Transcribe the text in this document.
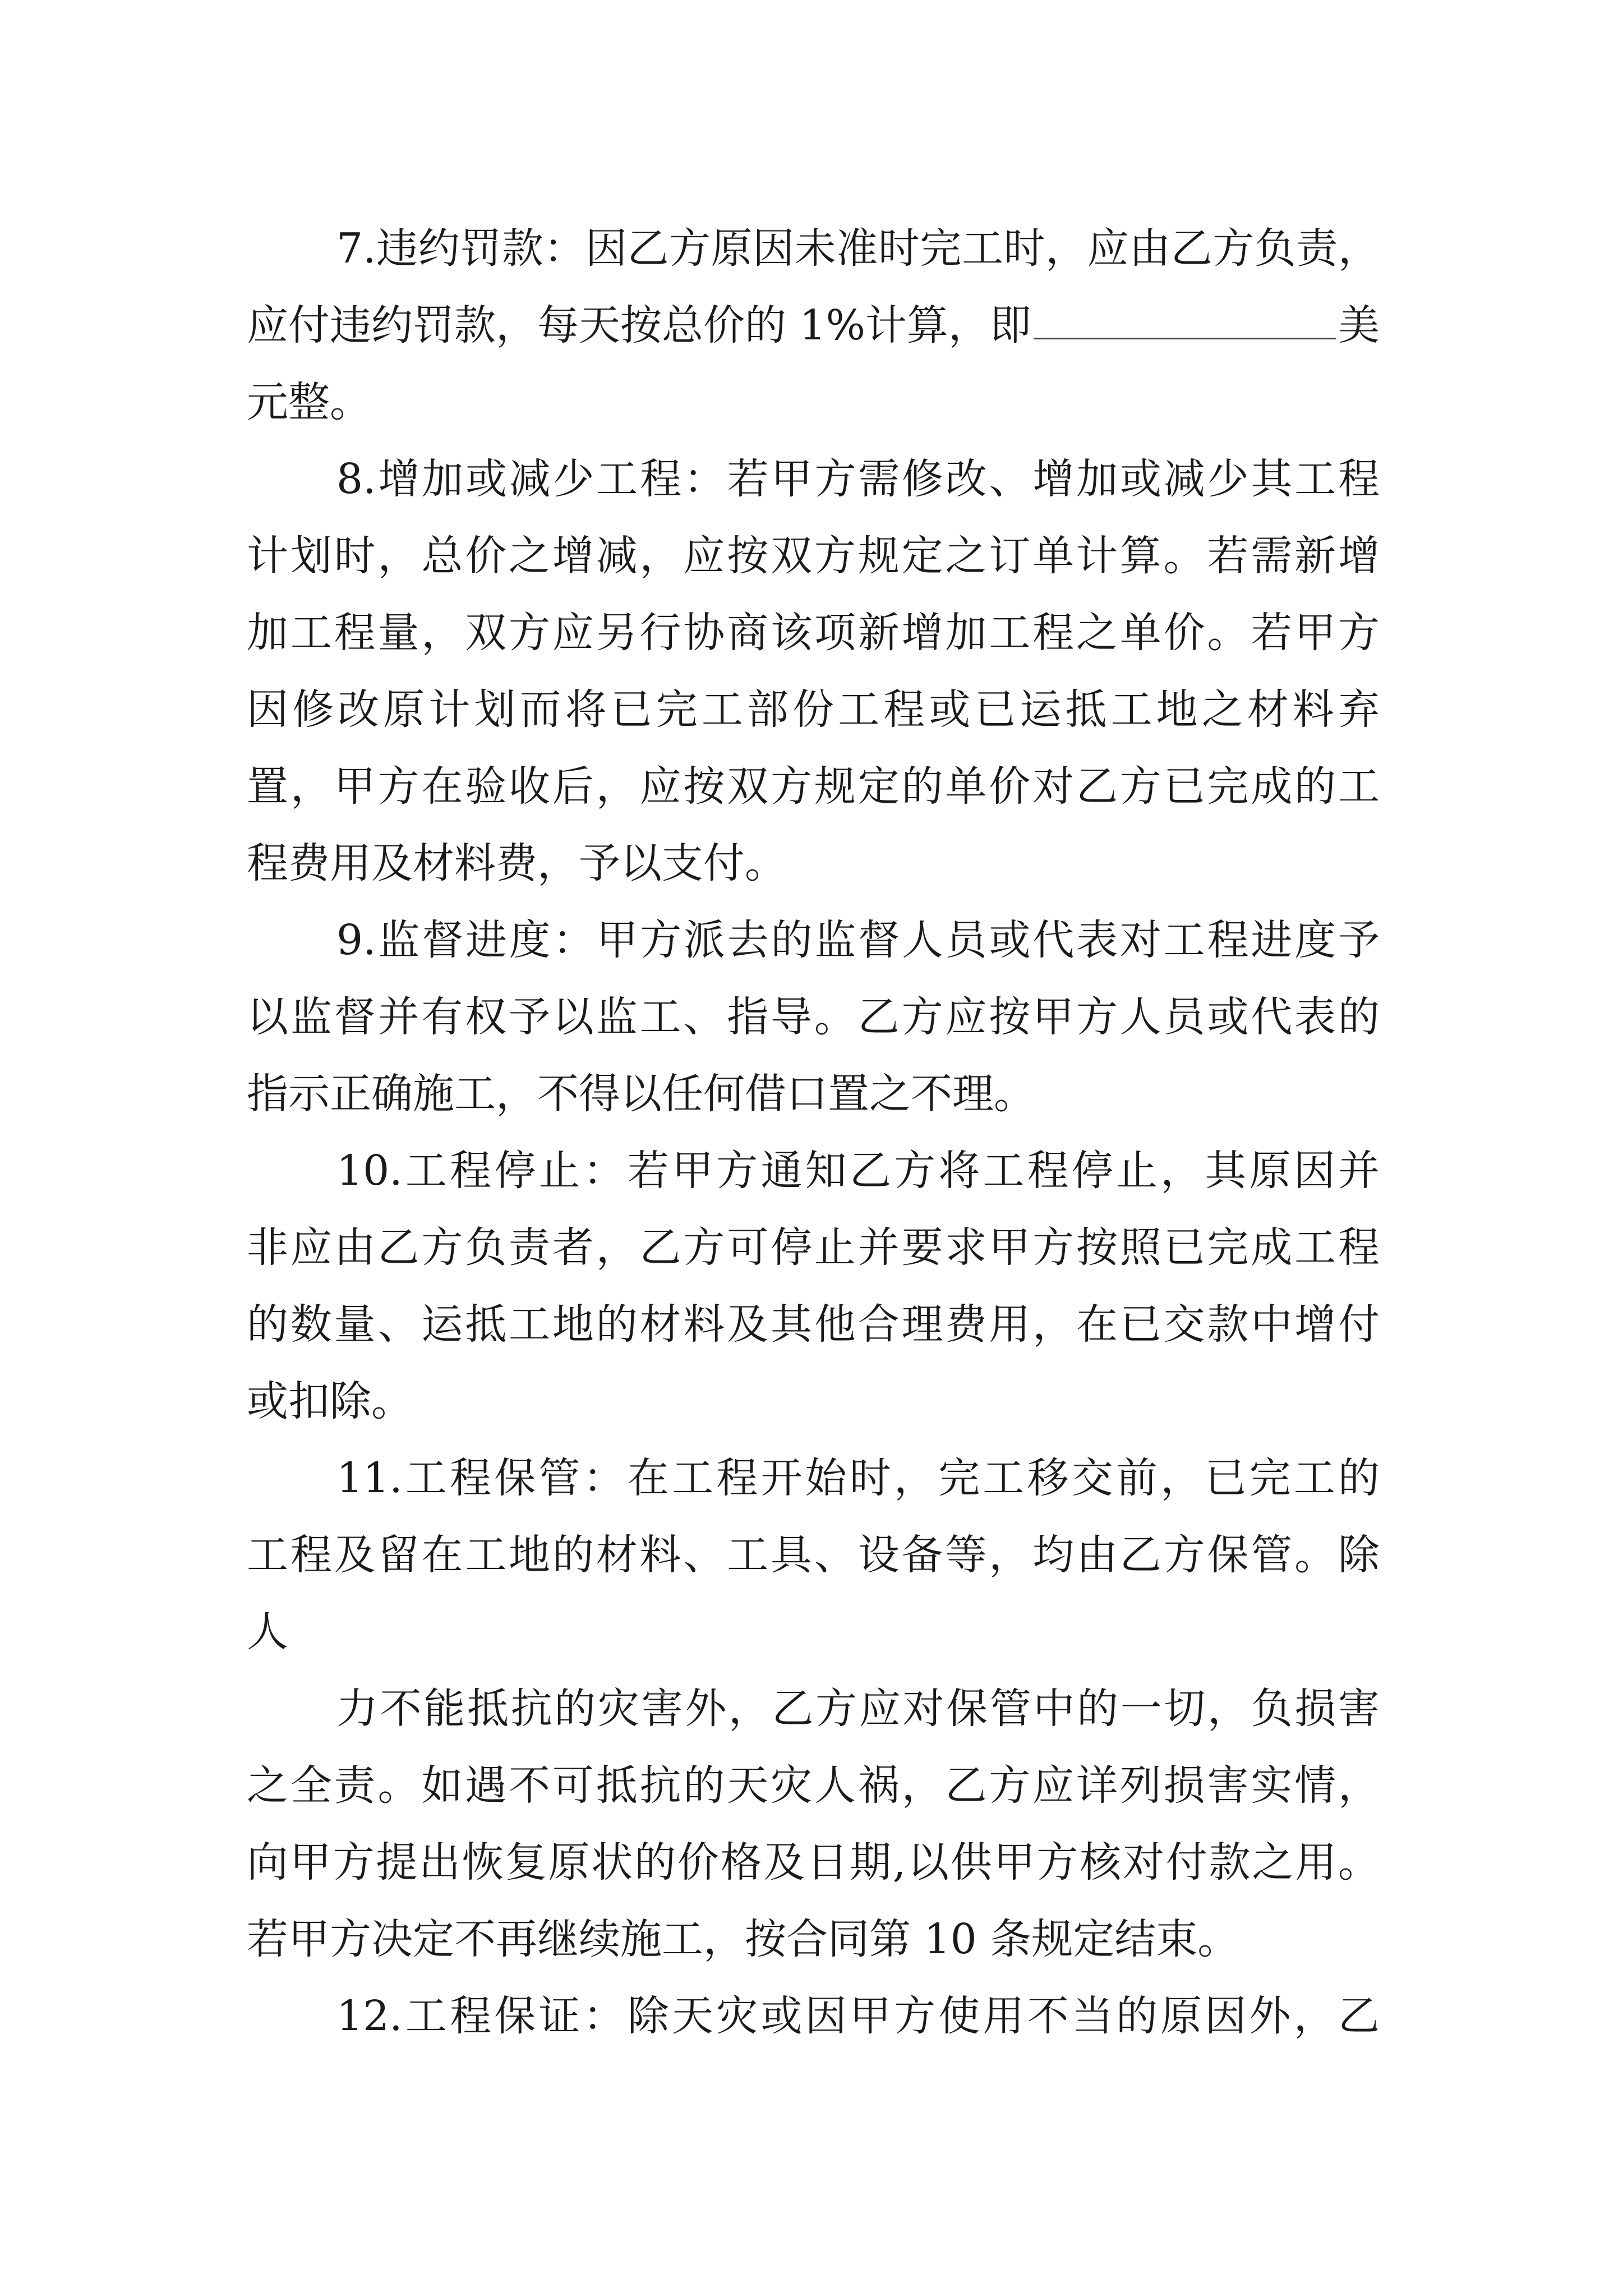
7.违约罚款：因乙方原因未准时完工时，应由乙方负责，
应付违约罚款，每天按总价的 1%计算，即	美
元整。
8.增加或减少工程：若甲方需修改、增加或减少其工程
计划时，总价之增减，应按双方规定之订单计算。若需新增
加工程量，双方应另行协商该项新增加工程之单价。若甲方
因修改原计划而将已完工部份工程或已运抵工地之材料弃
置，甲方在验收后，应按双方规定的单价对乙方已完成的工
程费用及材料费，予以支付。
9.监督进度：甲方派去的监督人员或代表对工程进度予
以监督并有权予以监工、指导。乙方应按甲方人员或代表的
指示正确施工，不得以任何借口置之不理。
10.工程停止：若甲方通知乙方将工程停止，其原因并
非应由乙方负责者，乙方可停止并要求甲方按照已完成工程
的数量、运抵工地的材料及其他合理费用，在已交款中增付
或扣除。
11.工程保管：在工程开始时，完工移交前，已完工的
工程及留在工地的材料、工具、设备等，均由乙方保管。除
人
力不能抵抗的灾害外，乙方应对保管中的一切，负损害
之全责。如遇不可抵抗的天灾人祸，乙方应详列损害实情，
向甲方提出恢复原状的价格及日期,以供甲方核对付款之用。
若甲方决定不再继续施工，按合同第 10 条规定结束。
12.工程保证：除天灾或因甲方使用不当的原因外，乙
